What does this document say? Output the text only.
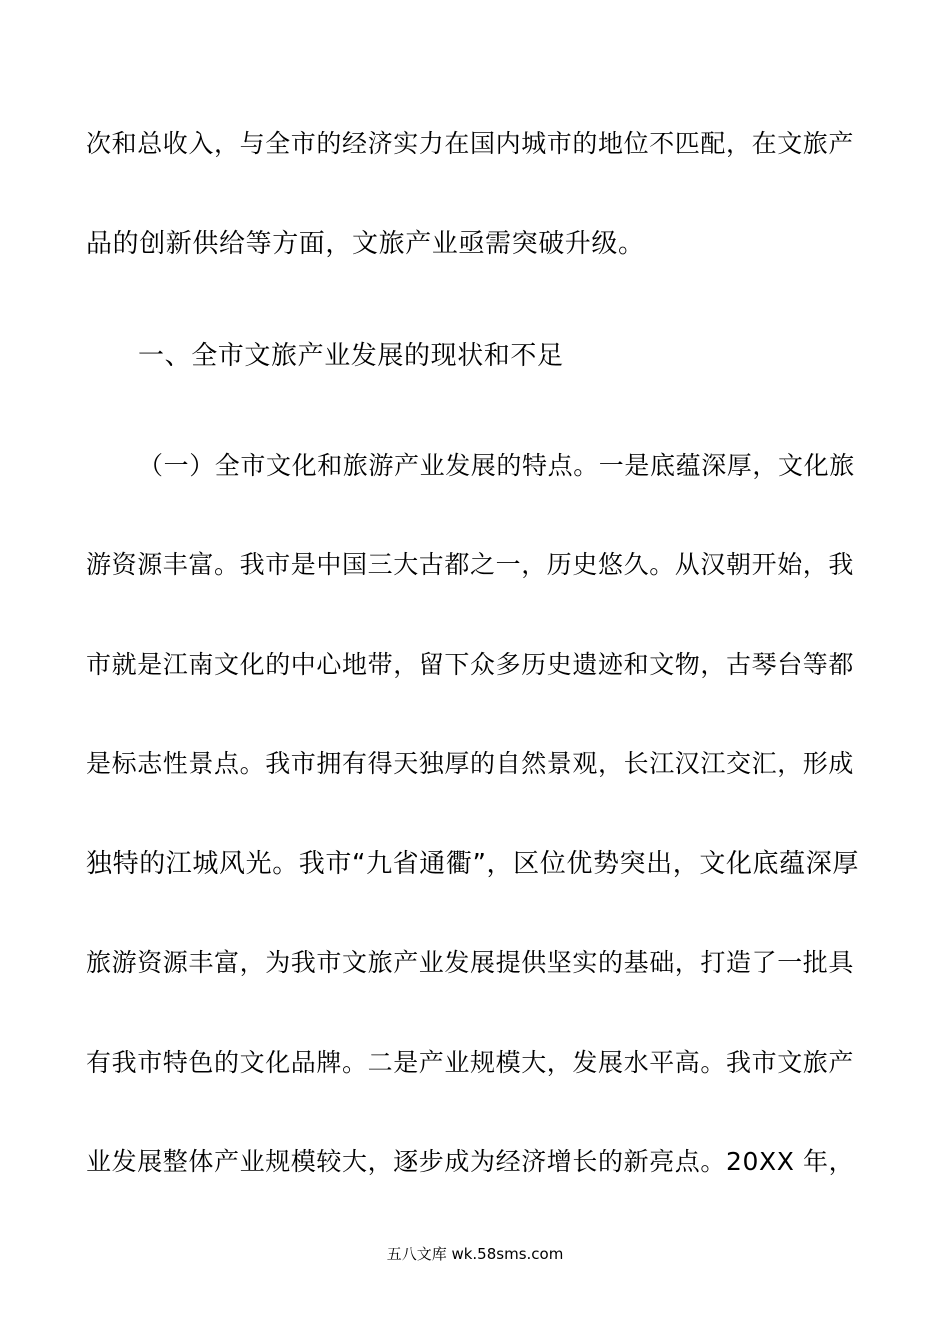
次和总收入，与全市的经济实力在国内城市的地位不匹配，在文旅产
品的创新供给等方面，文旅产业亟需突破升级。
一、全市文旅产业发展的现状和不足
（一）全市文化和旅游产业发展的特点。一是底蕴深厚，文化旅
游资源丰富。我市是中国三大古都之一，历史悠久。从汉朝开始，我
市就是江南文化的中心地带，留下众多历史遗迹和文物，古琴台等都
是标志性景点。我市拥有得天独厚的自然景观，长江汉江交汇，形成
独特的江城风光。我市“九省通衢”，区位优势突出，文化底蕴深厚
旅游资源丰富，为我市文旅产业发展提供坚实的基础，打造了一批具
有我市特色的文化品牌。二是产业规模大，发展水平高。我市文旅产
业发展整体产业规模较大，逐步成为经济增长的新亮点。20XX 年，
五八文库 wk.58sms.com
